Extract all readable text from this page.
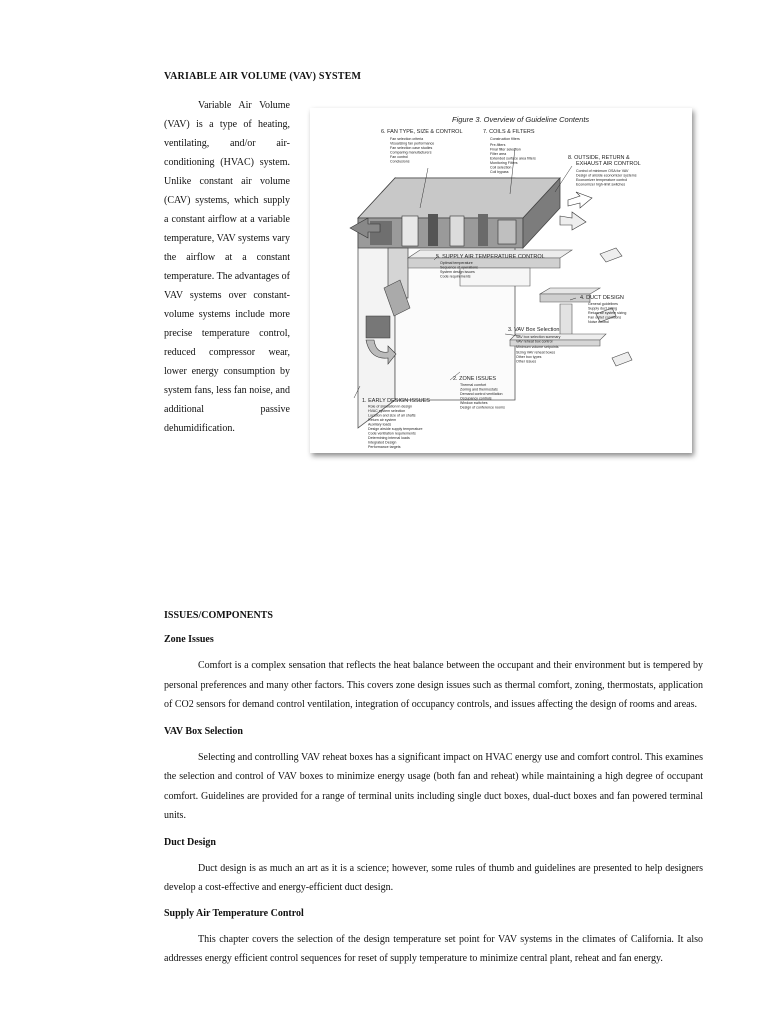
VARIABLE AIR VOLUME (VAV) SYSTEM

Variable Air Volume (VAV) is a type of heating, ventilating, and/or air-conditioning (HVAC) system. Unlike constant air volume (CAV) systems, which supply a constant airflow at a variable temperature, VAV systems vary the airflow at a constant temperature. The advantages of VAV systems over constant-volume systems include more precise temperature control, reduced compressor wear, lower energy consumption by system fans, less fan noise, and additional passive dehumidification.

Figure 3. Overview of Guideline Contents
6. FAN TYPE, SIZE & CONTROL
Fan selection criteria
Visualizing fan performance
Fan selection case studies
Comparing manufacturers
Fan control
Conclusions
7. COILS & FILTERS
Construction filters
Pre-filters
Final filter selection
Filter area
Extended surface area filters
Monitoring Filters
Coil selection
Coil bypass
8. OUTSIDE, RETURN &
EXHAUST AIR CONTROL
Control of minimum OSA for VAV
Design of airside economizer systems
Economizer temperature control
Economizer high-limit switches
5. SUPPLY AIR TEMPERATURE CONTROL
Optimal temperature
Sequence of operations
System design issues
Code requirements
4. DUCT DESIGN
General guidelines
Supply duct sizing
Return air system sizing
Fan outlet conditions
Noise control
3. VAV Box Selection
VAV box selection summary
VAV reheat box control
Minimum volume setpoints
Sizing VAV reheat boxes
Other box types
Other issues
2. ZONE ISSUES
Thermal comfort
Zoning and thermostats
Demand control ventilation
Occupancy controls
Window switches
Design of conference rooms
1. EARLY DESIGN ISSUES
Role of simulation in design
HVAC system selection
Location and size of air shafts
Return air system
Auxiliary loads
Design airside supply temperature
Code ventilation requirements
Determining internal loads
Integrated Design
Performance targets

ISSUES/COMPONENTS

Zone Issues

Comfort is a complex sensation that reflects the heat balance between the occupant and their environment but is tempered by personal preferences and many other factors. This covers zone design issues such as thermal comfort, zoning, thermostats, application of CO2 sensors for demand control ventilation, integration of occupancy controls, and issues affecting the design of rooms and areas.

VAV Box Selection

Selecting and controlling VAV reheat boxes has a significant impact on HVAC energy use and comfort control. This examines the selection and control of VAV boxes to minimize energy usage (both fan and reheat) while maintaining a high degree of occupant comfort. Guidelines are provided for a range of terminal units including single duct boxes, dual-duct boxes and fan powered terminal units.

Duct Design

Duct design is as much an art as it is a science; however, some rules of thumb and guidelines are presented to help designers develop a cost-effective and energy-efficient duct design.

Supply Air Temperature Control

This chapter covers the selection of the design temperature set point for VAV systems in the climates of California. It also addresses energy efficient control sequences for reset of supply temperature to minimize central plant, reheat and fan energy.
